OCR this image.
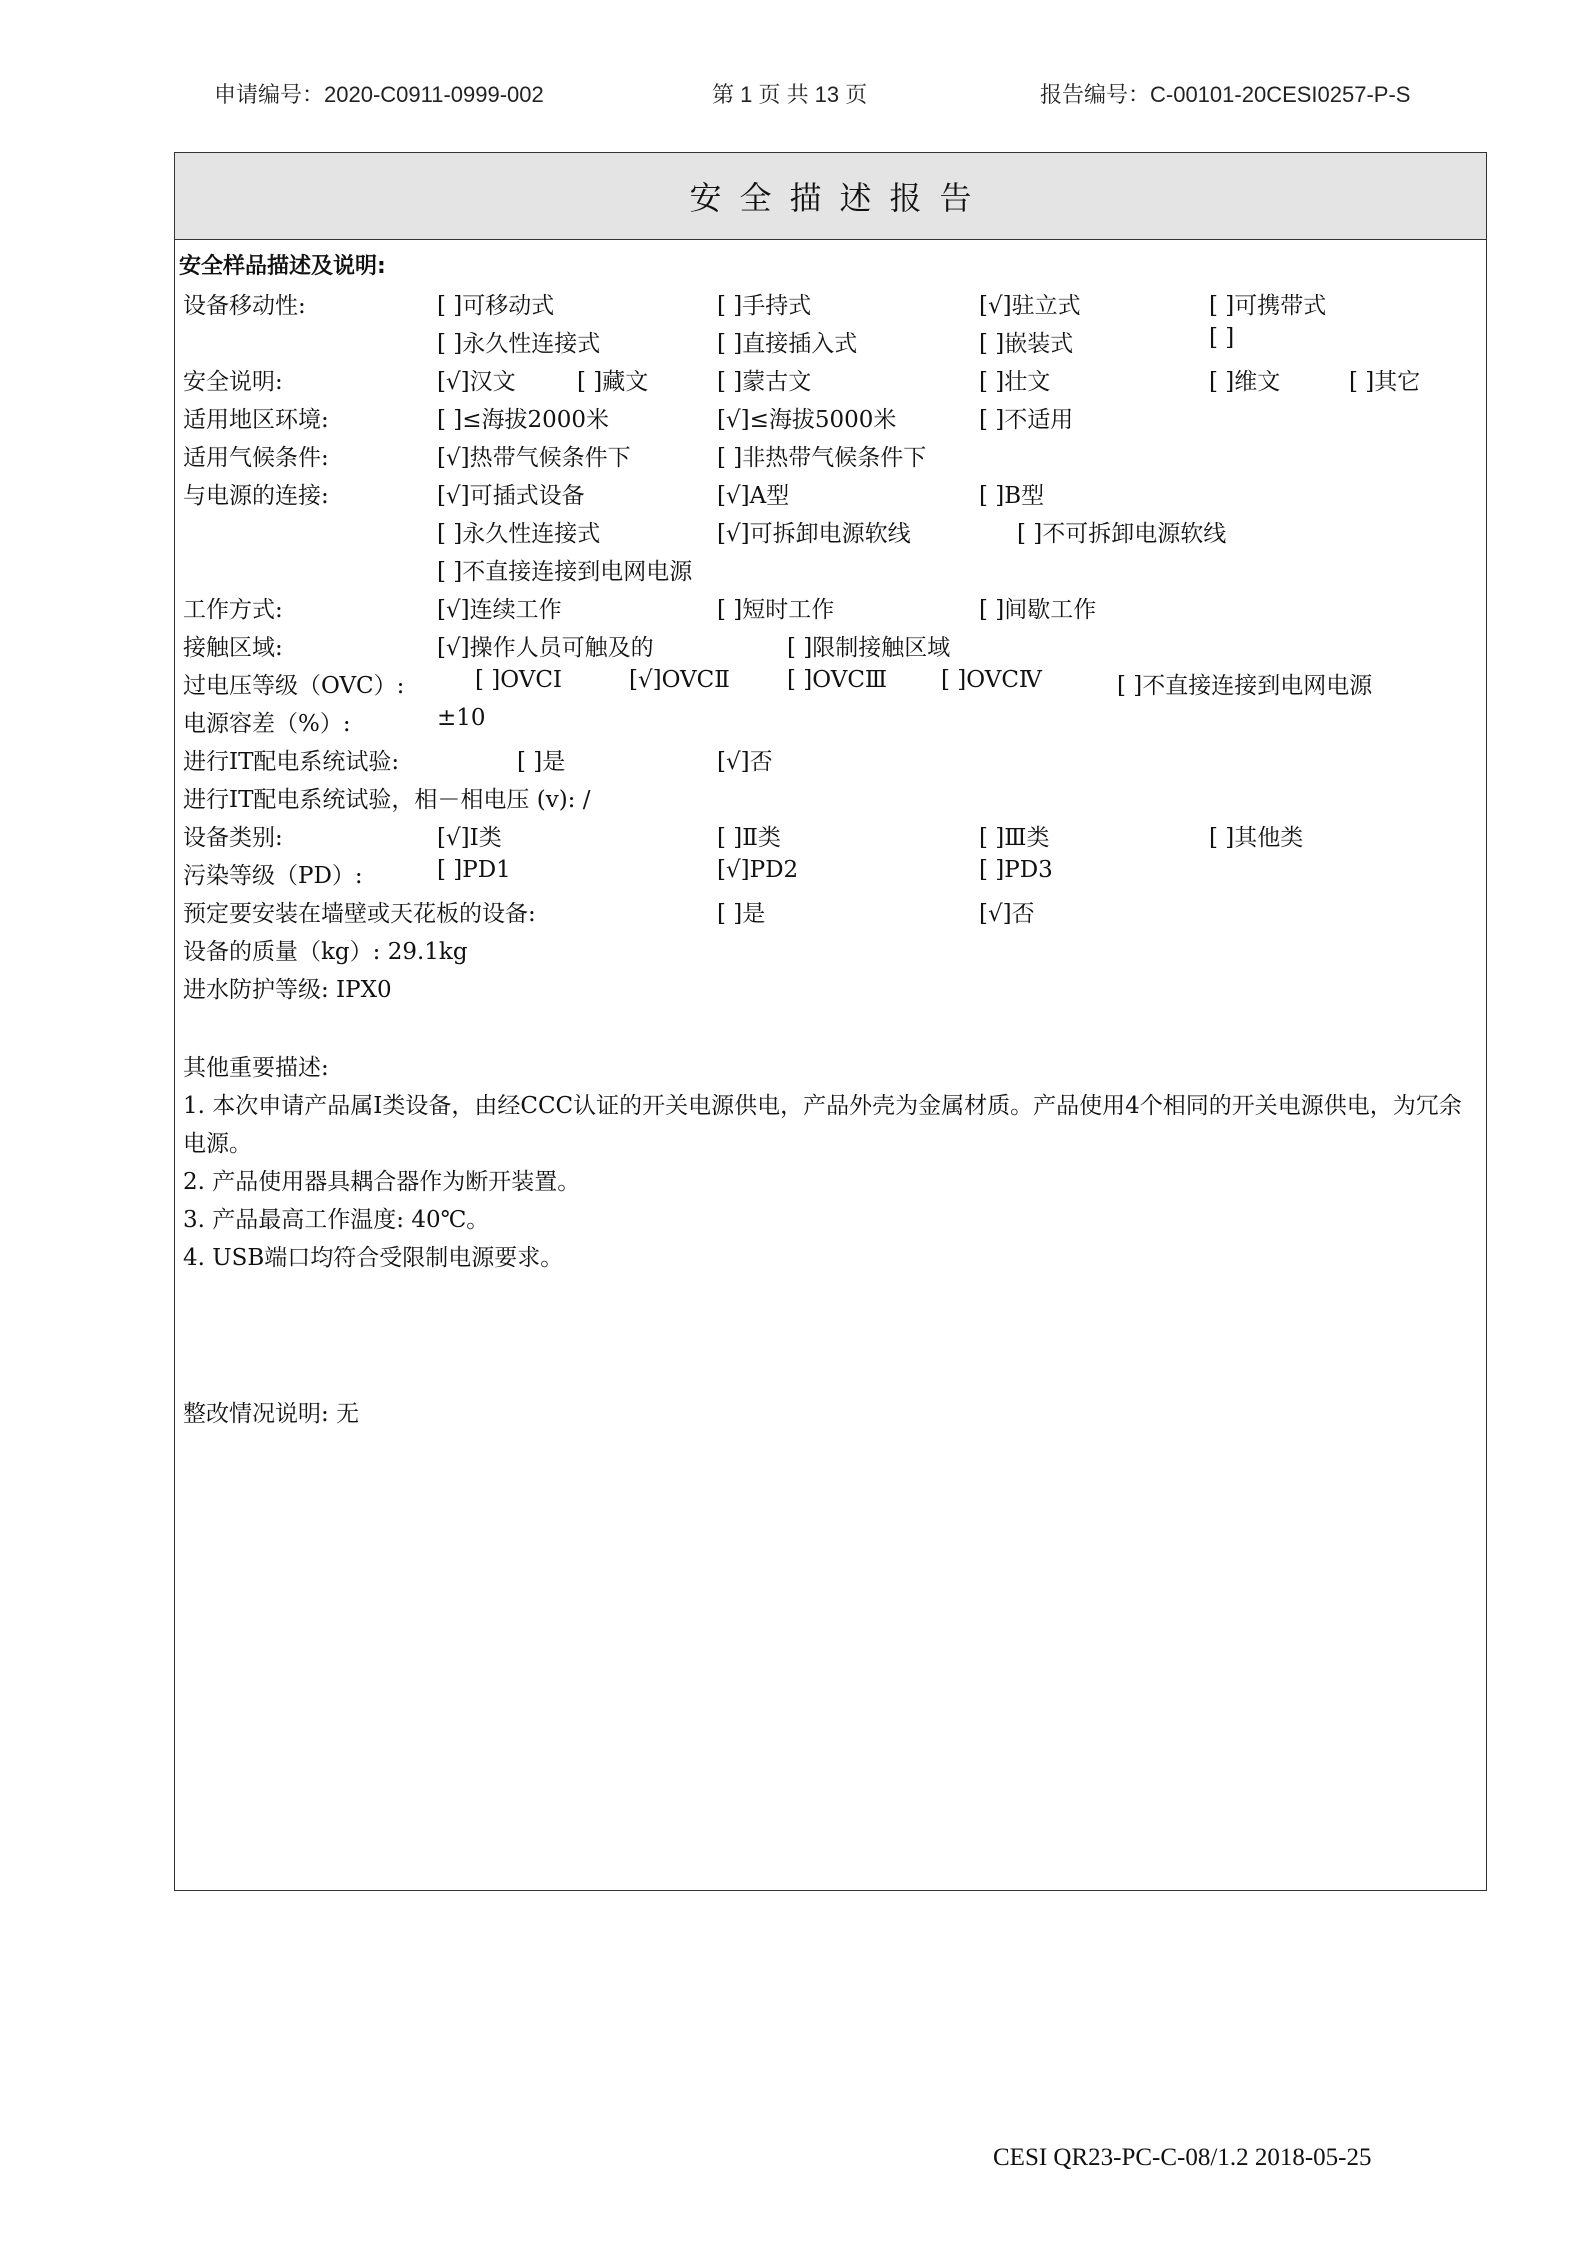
申请编号：2020-C0911-0999-002	第 1 页 共 13 页	报告编号：C-00101-20CESI0257-P-S
安全描述报告
安全样品描述及说明:
设备移动性:	[ ]可移动式	[ ]手持式	[√]驻立式	[ ]可携带式
[ ]永久性连接式	[ ]直接插入式	[ ]嵌装式	[ ]
安全说明:	[√]汉文	[ ]藏文	[ ]蒙古文	[ ]壮文	[ ]维文	[ ]其它
适用地区环境:	[ ]≤海拔2000米	[√]≤海拔5000米	[ ]不适用
适用气候条件:	[√]热带气候条件下	[ ]非热带气候条件下
与电源的连接:	[√]可插式设备	[√]A型	[ ]B型
[ ]永久性连接式	[√]可拆卸电源软线	[ ]不可拆卸电源软线
[ ]不直接连接到电网电源
工作方式:	[√]连续工作	[ ]短时工作	[ ]间歇工作
接触区域:	[√]操作人员可触及的	[ ]限制接触区域
过电压等级（OVC）:	[ ]OVCⅠ	[√]OVCⅡ [ ]OVCⅢ [ ]OVCⅣ	[ ]不直接连接到电网电源
电源容差（%）:	±10
进行IT配电系统试验:	[ ]是	[√]否
进行IT配电系统试验，相－相电压 (v): /
设备类别:	[√]Ⅰ类	[ ]Ⅱ类	[ ]Ⅲ类	[ ]其他类
污染等级（PD）:	[ ]PD1	[√]PD2	[ ]PD3
预定要安装在墙壁或天花板的设备:	[ ]是	[√]否
设备的质量（kg）: 29.1kg
进水防护等级: IPX0
其他重要描述:
1. 本次申请产品属Ⅰ类设备，由经CCC认证的开关电源供电，产品外壳为金属材质。产品使用4个相同的开关电源供电，为冗余电源。
2. 产品使用器具耦合器作为断开装置。
3. 产品最高工作温度: 40℃。
4. USB端口均符合受限制电源要求。
整改情况说明: 无
CESI QR23-PC-C-08/1.2 2018-05-25
